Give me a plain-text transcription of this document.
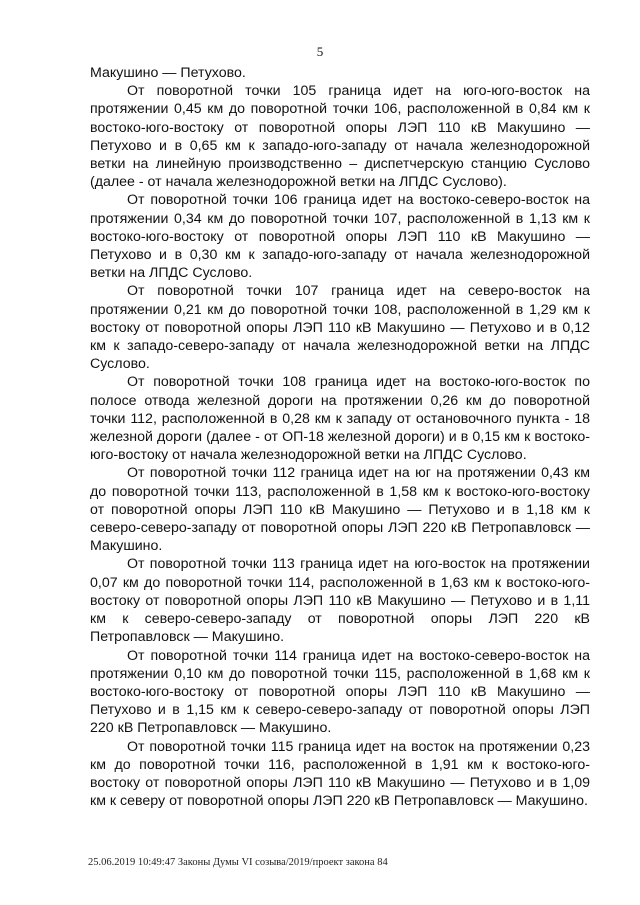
5

Макушино — Петухово.

От поворотной точки 105 граница идет на юго-юго-восток на протяжении 0,45 км до поворотной точки 106, расположенной в 0,84 км к востоко-юго-востоку от поворотной опоры ЛЭП 110 кВ Макушино — Петухово и в 0,65 км к западо-юго-западу от начала железнодорожной ветки на линейную производственно – диспетчерскую станцию Суслово (далее - от начала железнодорожной ветки на ЛПДС Суслово).

От поворотной точки 106 граница идет на востоко-северо-восток на протяжении 0,34 км до поворотной точки 107, расположенной в 1,13 км к востоко-юго-востоку от поворотной опоры ЛЭП 110 кВ Макушино — Петухово и в 0,30 км к западо-юго-западу от начала железнодорожной ветки на ЛПДС Суслово.

От поворотной точки 107 граница идет на северо-восток на протяжении 0,21 км до поворотной точки 108, расположенной в 1,29 км к востоку от поворотной опоры ЛЭП 110 кВ Макушино — Петухово и в 0,12 км к западо-северо-западу от начала железнодорожной ветки на ЛПДС Суслово.

От поворотной точки 108 граница идет на востоко-юго-восток по полосе отвода железной дороги на протяжении 0,26 км до поворотной точки 112, расположенной в 0,28 км к западу от остановочного пункта - 18 железной дороги (далее - от ОП-18 железной дороги) и в 0,15 км к востоко-юго-востоку от начала железнодорожной ветки на ЛПДС Суслово.

От поворотной точки 112 граница идет на юг на протяжении 0,43 км до поворотной точки 113, расположенной в 1,58 км к востоко-юго-востоку от поворотной опоры ЛЭП 110 кВ Макушино — Петухово и в 1,18 км к северо-северо-западу от поворотной опоры ЛЭП 220 кВ Петропавловск — Макушино.

От поворотной точки 113 граница идет на юго-восток на протяжении 0,07 км до поворотной точки 114, расположенной в 1,63 км к востоко-юго-востоку от поворотной опоры ЛЭП 110 кВ Макушино — Петухово и в 1,11 км к северо-северо-западу от поворотной опоры ЛЭП 220 кВ Петропавловск — Макушино.

От поворотной точки 114 граница идет на востоко-северо-восток на протяжении 0,10 км до поворотной точки 115, расположенной в 1,68 км к востоко-юго-востоку от поворотной опоры ЛЭП 110 кВ Макушино — Петухово и в 1,15 км к северо-северо-западу от поворотной опоры ЛЭП 220 кВ Петропавловск — Макушино.

От поворотной точки 115 граница идет на восток на протяжении 0,23 км до поворотной точки 116, расположенной в 1,91 км к востоко-юго-востоку от поворотной опоры ЛЭП 110 кВ Макушино — Петухово и в 1,09 км к северу от поворотной опоры ЛЭП 220 кВ Петропавловск — Макушино.

25.06.2019 10:49:47 Законы Думы VI созыва/2019/проект закона 84
